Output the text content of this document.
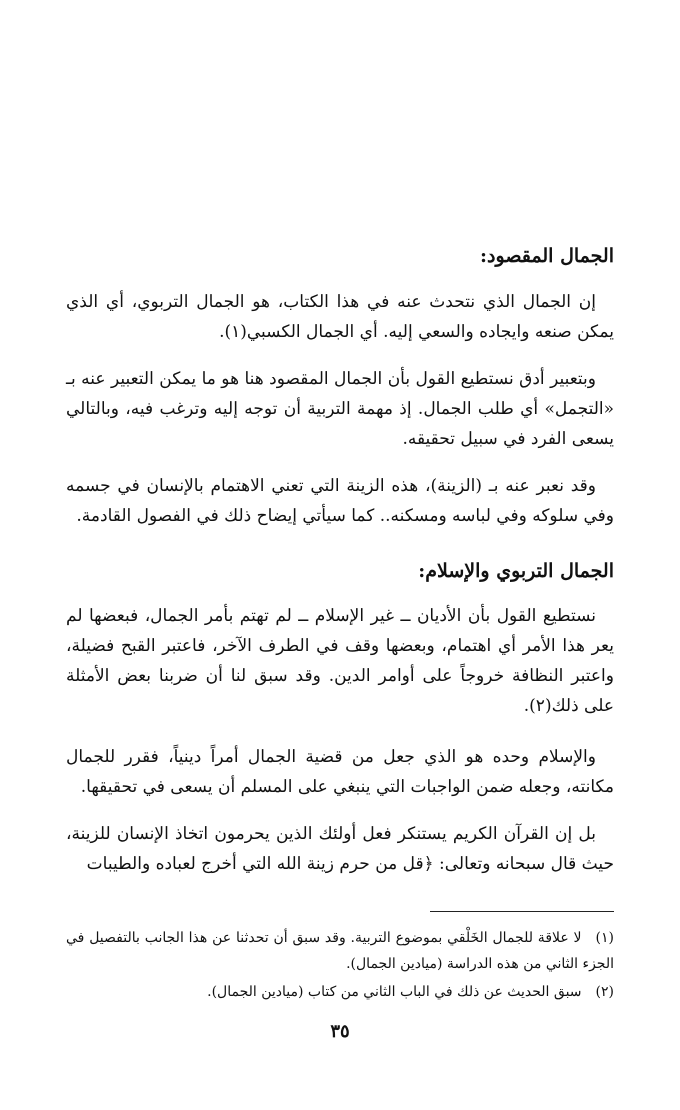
الجمال المقصود:
إن الجمال الذي نتحدث عنه في هذا الكتاب، هو الجمال التربوي، أي الذي يمكن صنعه وايجاده والسعي إليه. أي الجمال الكسبي(١).
وبتعبير أدق نستطيع القول بأن الجمال المقصود هنا هو ما يمكن التعبير عنه بـ «التجمل» أي طلب الجمال. إذ مهمة التربية أن توجه إليه وترغب فيه، وبالتالي يسعى الفرد في سبيل تحقيقه.
وقد نعبر عنه بـ (الزينة)، هذه الزينة التي تعني الاهتمام بالإنسان في جسمه وفي سلوكه وفي لباسه ومسكنه.. كما سيأتي إيضاح ذلك في الفصول القادمة.
الجمال التربوي والإسلام:
نستطيع القول بأن الأديان ــ غير الإسلام ــ لم تهتم بأمر الجمال، فبعضها لم يعر هذا الأمر أي اهتمام، وبعضها وقف في الطرف الآخر، فاعتبر القبح فضيلة، واعتبر النظافة خروجاً على أوامر الدين. وقد سبق لنا أن ضربنا بعض الأمثلة على ذلك(٢).
والإسلام وحده هو الذي جعل من قضية الجمال أمراً دينياً، فقرر للجمال مكانته، وجعله ضمن الواجبات التي ينبغي على المسلم أن يسعى في تحقيقها.
بل إن القرآن الكريم يستنكر فعل أولئك الذين يحرمون اتخاذ الإنسان للزينة، حيث قال سبحانه وتعالى: ﴿قل من حرم زينة الله التي أخرج لعباده والطيبات
(١)لا علاقة للجمال الخَلْقي بموضوع التربية. وقد سبق أن تحدثنا عن هذا الجانب بالتفصيل في الجزء الثاني من هذه الدراسة (ميادين الجمال).
(٢)سبق الحديث عن ذلك في الباب الثاني من كتاب (ميادين الجمال).
٣٥
